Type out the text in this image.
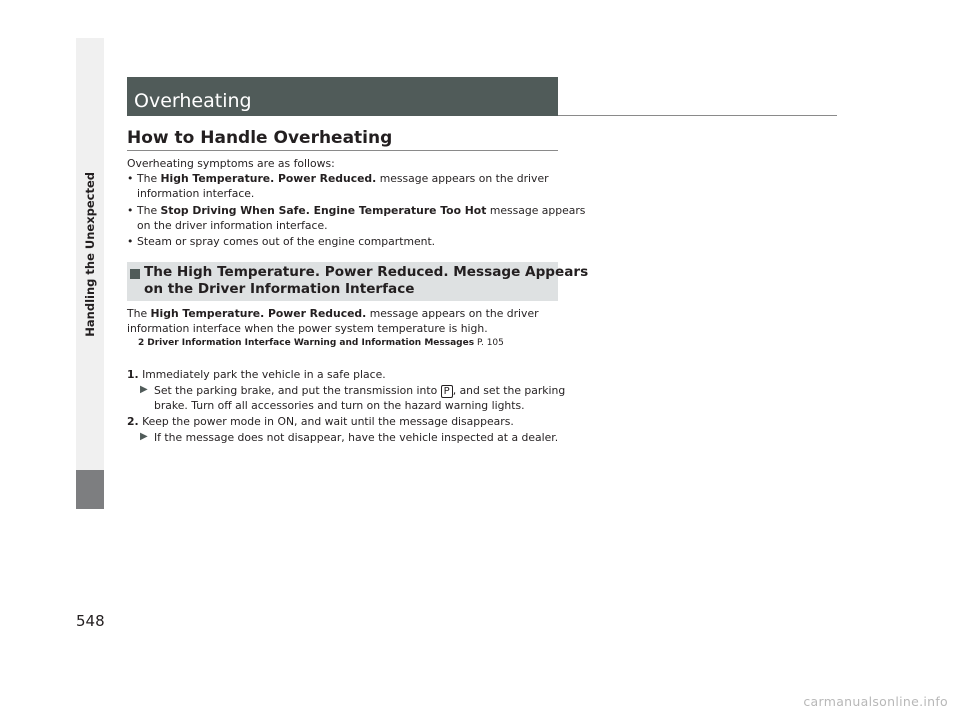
Handling the Unexpected
548
Overheating
How to Handle Overheating
Overheating symptoms are as follows:
• The High Temperature. Power Reduced. message appears on the driver
information interface.
• The Stop Driving When Safe. Engine Temperature Too Hot message appears
on the driver information interface.
• Steam or spray comes out of the engine compartment.
The High Temperature. Power Reduced. Message Appears
on the Driver Information Interface
The High Temperature. Power Reduced. message appears on the driver
information interface when the power system temperature is high.
2 Driver Information Interface Warning and Information Messages P. 105
1. Immediately park the vehicle in a safe place.
▶ Set the parking brake, and put the transmission into P , and set the parking
brake. Turn off all accessories and turn on the hazard warning lights.
2. Keep the power mode in ON, and wait until the message disappears.
▶ If the message does not disappear, have the vehicle inspected at a dealer.
carmanualsonline.info
